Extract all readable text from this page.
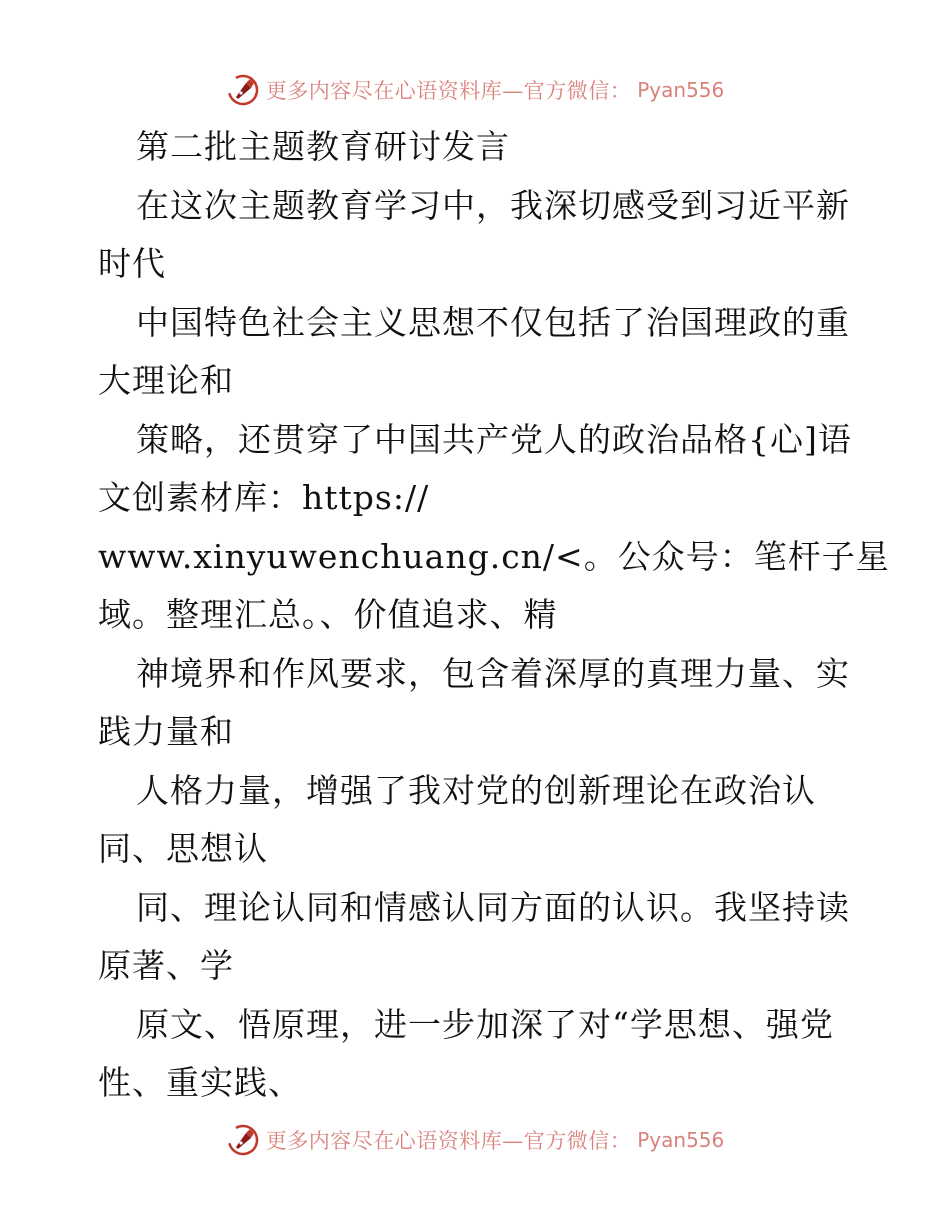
更多内容尽在心语资料库—官方微信： Pyan556
第二批主题教育研讨发言
在这次主题教育学习中，我深切感受到习近平新
时代
中国特色社会主义思想不仅包括了治国理政的重
大理论和
策略，还贯穿了中国共产党人的政治品格{心]语
文创素材库：https://
www.xinyuwenchuang.cn/<。公众号：笔杆子星
域。整理汇总。、价值追求、精
神境界和作风要求，包含着深厚的真理力量、实
践力量和
人格力量，增强了我对党的创新理论在政治认
同、思想认
同、理论认同和情感认同方面的认识。我坚持读
原著、学
原文、悟原理，进一步加深了对“学思想、强党
性、重实践、
更多内容尽在心语资料库—官方微信： Pyan556
